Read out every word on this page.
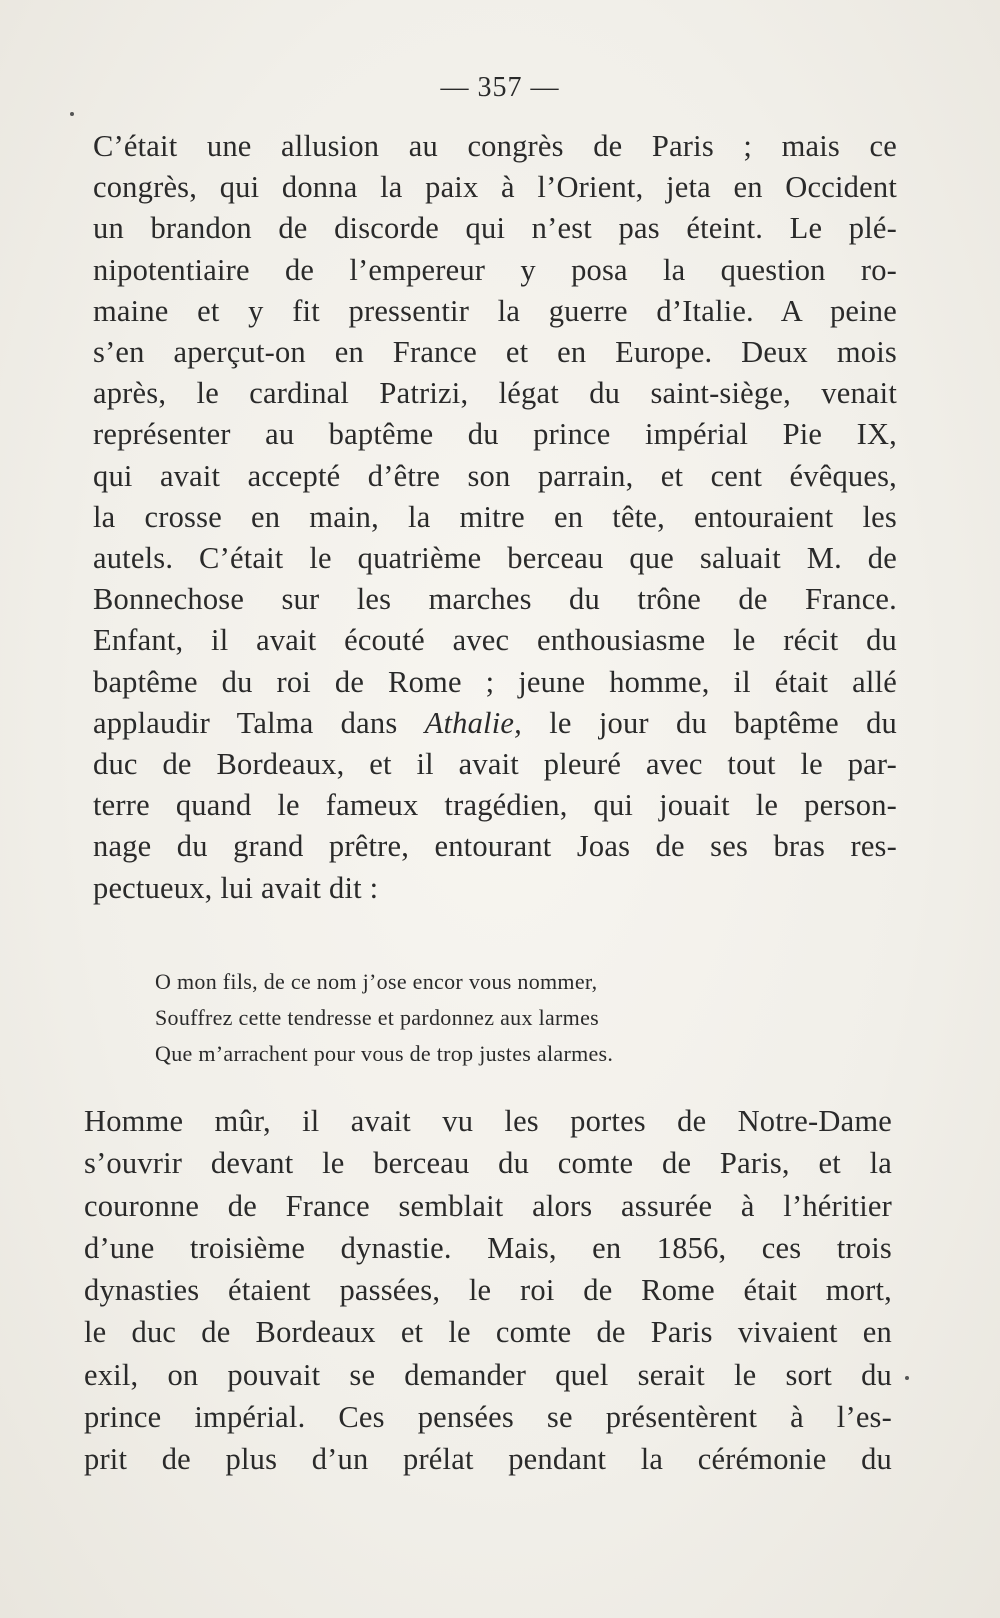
— 357 —
C’était une allusion au congrès de Paris ; mais ce
congrès, qui donna la paix à l’Orient, jeta en Occident
un brandon de discorde qui n’est pas éteint. Le plé-
nipotentiaire de l’empereur y posa la question ro-
maine et y fit pressentir la guerre d’Italie. A peine
s’en aperçut-on en France et en Europe. Deux mois
après, le cardinal Patrizi, légat du saint-siège, venait
représenter au baptême du prince impérial Pie IX,
qui avait accepté d’être son parrain, et cent évêques,
la crosse en main, la mitre en tête, entouraient les
autels. C’était le quatrième berceau que saluait M. de
Bonnechose sur les marches du trône de France.
Enfant, il avait écouté avec enthousiasme le récit du
baptême du roi de Rome ; jeune homme, il était allé
applaudir Talma dans Athalie, le jour du baptême du
duc de Bordeaux, et il avait pleuré avec tout le par-
terre quand le fameux tragédien, qui jouait le person-
nage du grand prêtre, entourant Joas de ses bras res-
pectueux, lui avait dit :
O mon fils, de ce nom j’ose encor vous nommer,
Souffrez cette tendresse et pardonnez aux larmes
Que m’arrachent pour vous de trop justes alarmes.
Homme mûr, il avait vu les portes de Notre-Dame
s’ouvrir devant le berceau du comte de Paris, et la
couronne de France semblait alors assurée à l’héritier
d’une troisième dynastie. Mais, en 1856, ces trois
dynasties étaient passées, le roi de Rome était mort,
le duc de Bordeaux et le comte de Paris vivaient en
exil, on pouvait se demander quel serait le sort du
prince impérial. Ces pensées se présentèrent à l’es-
prit de plus d’un prélat pendant la cérémonie du
